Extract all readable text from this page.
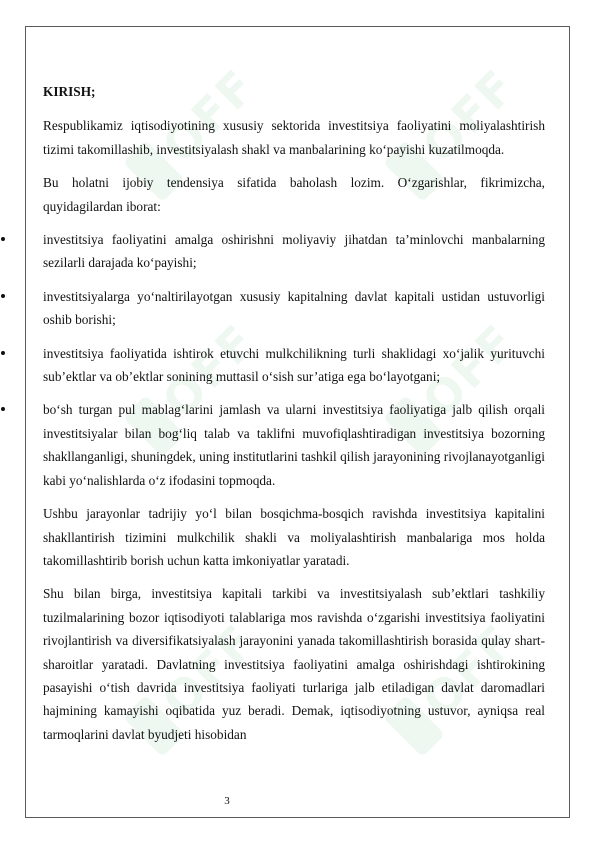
OFF	OFF
OFF	OFF
OFF	OFF

KIRISH;

Respublikamiz iqtisodiyotining xususiy sektorida investitsiya faoliyatini moliyalashtirish tizimi takomillashib, investitsiyalash shakl va manbalarining ko‘payishi kuzatilmoqda.

Bu holatni ijobiy tendensiya sifatida baholash lozim. O‘zgarishlar, fikrimizcha, quyidagilardan iborat:

investitsiya faoliyatini amalga oshirishni moliyaviy jihatdan ta’minlovchi manbalarning sezilarli darajada ko‘payishi;
investitsiyalarga yo‘naltirilayotgan xususiy kapitalning davlat kapitali ustidan ustuvorligi oshib borishi;
investitsiya faoliyatida ishtirok etuvchi mulkchilikning turli shaklidagi xo‘jalik yurituvchi sub’ektlar va ob’ektlar sonining muttasil o‘sish sur’atiga ega bo‘layotgani;
bo‘sh turgan pul mablag‘larini jamlash va ularni investitsiya faoliyatiga jalb qilish orqali investitsiyalar bilan bog‘liq talab va taklifni muvofiqlashtiradigan investitsiya bozorning shakllanganligi, shuningdek, uning institutlarini tashkil qilish jarayonining rivojlanayotganligi kabi yo‘nalishlarda o‘z ifodasini topmoqda.

Ushbu jarayonlar tadrijiy yo‘l bilan bosqichma-bosqich ravishda investitsiya kapitalini shakllantirish tizimini mulkchilik shakli va moliyalashtirish manbalariga mos holda takomillashtirib borish uchun katta imkoniyatlar yaratadi.

Shu bilan birga, investitsiya kapitali tarkibi va investitsiyalash sub’ektlari tashkiliy tuzilmalarining bozor iqtisodiyoti talablariga mos ravishda o‘zgarishi investitsiya faoliyatini rivojlantirish va diversifikatsiyalash jarayonini yanada takomillashtirish borasida qulay shart-sharoitlar yaratadi. Davlatning investitsiya faoliyatini amalga oshirishdagi ishtirokining pasayishi o‘tish davrida investitsiya faoliyati turlariga jalb etiladigan davlat daromadlari hajmining kamayishi oqibatida yuz beradi. Demak, iqtisodiyotning ustuvor, ayniqsa real tarmoqlarini davlat byudjeti hisobidan

3
